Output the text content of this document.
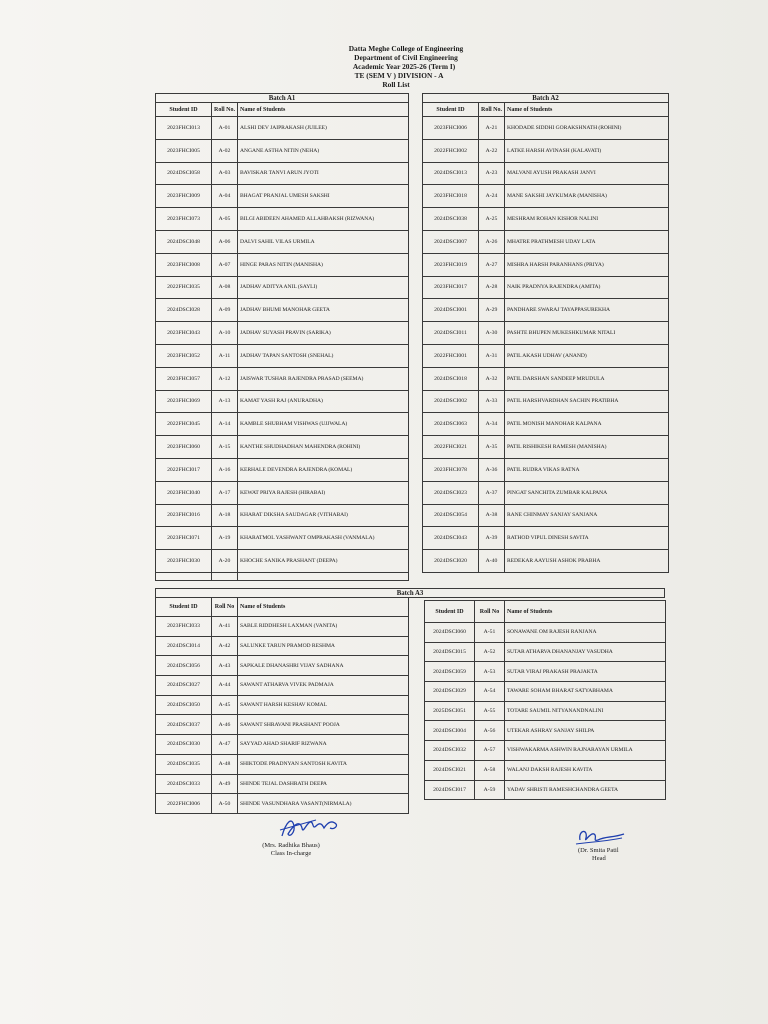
Datta Meghe College of Engineering
Department of Civil Engineering
Academic Year 2025-26 (Term I)
TE (SEM V ) DIVISION - A
Roll List
Batch A1		
Student ID	Roll No.	Name of Students
2023FHCI013	A-01	ALSHI DEV JAIPRAKASH (JUILEE)
2023FHCI005	A-02	ANGANE ASTHA NITIN (NEHA)
2024DSCI058	A-03	BAVISKAR TANVI ARUN JYOTI
2023FHCI009	A-04	BHAGAT PRANJAL UMESH SAKSHI
2023FHCI073	A-05	BILGI ABIDEEN AHAMED ALLAHBAKSH (RIZWANA)
2024DSCI048	A-06	DALVI SAHIL VILAS URMILA
2023FHCI008	A-07	HINGE PARAS NITIN (MANISHA)
2022FHCI035	A-08	JADHAV ADITYA ANIL (SAYLI)
2024DSCI028	A-09	JADHAV BHUMI MANOHAR GEETA
2023FHCI043	A-10	JADHAV SUYASH PRAVIN (SARIKA)
2023FHCI052	A-11	JADHAV TAPAN SANTOSH (SNEHAL)
2023FHCI057	A-12	JAISWAR TUSHAR RAJENDRA PRASAD (SEEMA)
2023FHCI069	A-13	KAMAT YASH RAJ (ANURADHA)
2022FHCI045	A-14	KAMBLE SHUBHAM VISHWAS (UJJWALA)
2023FHCI060	A-15	KANTHE SHUDHADHAN MAHENDRA (ROHINI)
2022FHCI017	A-16	KERHALE DEVENDRA RAJENDRA (KOMAL)
2023FHCI040	A-17	KEWAT PRIYA RAJESH (HIRABAI)
2023FHCI016	A-18	KHARAT DIKSHA SAUDAGAR (VITHABAI)
2023FHCI071	A-19	KHARATMOL YASHWANT OMPRAKASH (VANMALA)
2023FHCI030	A-20	KHOCHE SANIKA PRASHANT (DEEPA)

Batch A2		
Student ID	Roll No.	Name of Students
2023FHCI006	A-21	KHODADE SIDDHI GORAKSHNATH (ROHINI)
2022FHCI002	A-22	LATKE HARSH AVINASH (KALAVATI)
2024DSCI013	A-23	MALVANI AYUSH PRAKASH JANVI
2023FHCI018	A-24	MANE SAKSHI JAYKUMAR (MANISHA)
2024DSCI038	A-25	MESHRAM ROHAN KISHOR NALINI
2024DSCI007	A-26	MHATRE PRATHMESH UDAY LATA
2023FHCI019	A-27	MISHRA HARSH PARANHANS (PRIYA)
2023FHCI017	A-28	NAIK PRADNYA RAJENDRA (AMITA)
2024DSCI001	A-29	PANDHARE SWARAJ TAYAPPASUREKHA
2024DSCI011	A-30	PASHTE BHUPEN MUKESHKUMAR NITALI
2022FHCI001	A-31	PATIL AKASH UDHAV (ANAND)
2024DSCI018	A-32	PATIL DARSHAN SANDEEP MRUDULA
2024DSCI002	A-33	PATIL HARSHVARDHAN SACHIN PRATIBHA
2024DSCI063	A-34	PATIL MONISH MANOHAR KALPANA
2022FHCI021	A-35	PATIL RISHIKESH RAMESH (MANISHA)
2023FHCI078	A-36	PATIL RUDRA VIKAS RATNA
2024DSCI023	A-37	PINGAT SANCHITA ZUMBAR KALPANA
2024DSCI054	A-38	RANE CHINMAY SANJAY SANJANA
2024DSCI043	A-39	RATHOD VIPUL DINESH SAVITA
2024DSCI020	A-40	REDEKAR AAYUSH ASHOK PRABHA
Batch A3
Student ID	Roll No	Name of Students
2023FHCI033	A-41	SABLE RIDDHESH LAXMAN (VANITA)
2024DSCI014	A-42	SALUNKE TARUN PRAMOD RESHMA
2024DSCI056	A-43	SAPKALE DHANASHRI VIJAY SADHANA
2024DSCI027	A-44	SAWANT ATHARVA VIVEK PADMAJA
2024DSCI050	A-45	SAWANT HARSH KESHAV KOMAL
2024DSCI037	A-46	SAWANT SHRAVANI PRASHANT POOJA
2024DSCI030	A-47	SAYYAD AHAD SHARIF RIZWANA
2024DSCI035	A-48	SHIKTODE PRADNYAN SANTOSH KAVITA
2024DSCI033	A-49	SHINDE TEJAL DASHRATH DEEPA
2022FHCI006	A-50	SHINDE VASUNDHARA VASANT(NIRMALA)
Student ID	Roll No	Name of Students
2024DSCI060	A-51	SONAWANE OM RAJESH RANJANA
2024DSCI015	A-52	SUTAR ATHARVA DHANANJAY VASUDHA
2024DSCI059	A-53	SUTAR VIRAJ PRAKASH PRAJAKTA
2024DSCI029	A-54	TAWARE SOHAM BHARAT SATYABHAMA
2025DSCI051	A-55	TOTARE SAUMIL NITYANANDNALINI
2024DSCI004	A-56	UTEKAR ASHRAY SANJAY SHILPA
2024DSCI032	A-57	VISHWAKARMA ASHWIN RAJNARAYAN URMILA
2024DSCI021	A-58	WALANJ DAKSH RAJESH KAVITA
2024DSCI017	A-59	YADAV SHRISTI RAMESHCHANDRA GEETA
(Mrs. Radhika Bhaus)
Class In-charge	(Dr. Smita Patil
Head
